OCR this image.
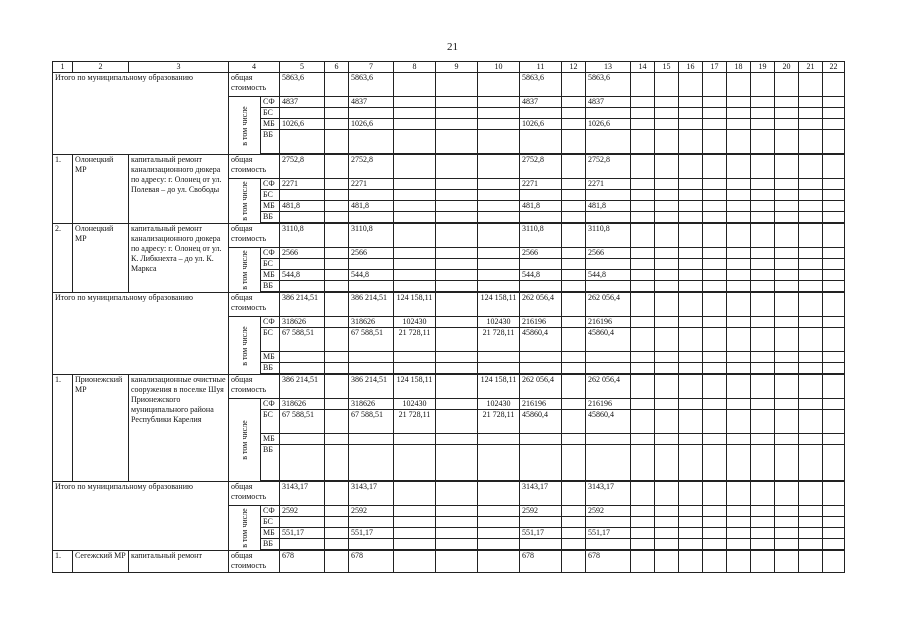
21
1	2	3	4		5	6	7	8	9	10	11	12	13	14	15	16	17	18	19	20	21	22
Итого по муниципальному образованию			общая стоимость		5863,6		5863,6				5863,6		5863,6									

			в том числе	СФ	4837		4837				4837		4837									
				БС																		
				МБ	1026,6		1026,6				1026,6		1026,6									
				ВБ																		

1.	Олонецкий МР	капитальный ремонт канализационного дюкера по адресу: г. Олонец от ул. Полевая – до ул. Свободы	общая стоимость		2752,8		2752,8				2752,8		2752,8									

			в том числе	СФ	2271		2271				2271		2271									
				БС																		
				МБ	481,8		481,8				481,8		481,8									
				ВБ																		

2.	Олонецкий МР	капитальный ремонт канализационного дюкера по адресу: г. Олонец от ул. К. Либкнехта – до ул. К. Маркса	общая стоимость		3110,8		3110,8				3110,8		3110,8									

			в том числе	СФ	2566		2566				2566		2566									
				БС																		
				МБ	544,8		544,8				544,8		544,8									
				ВБ																		

Итого по муниципальному образованию			общая стоимость		386 214,51		386 214,51	124 158,11		124 158,11	262 056,4		262 056,4									

			в том числе	СФ	318626		318626	102430		102430	216196		216196									
				БС	67 588,51		67 588,51	21 728,11		21 728,11	45860,4		45860,4									
				МБ																		
				ВБ																		

1.	Прионежский МР	канализационные очистные сооружения в поселке Шуя Прионежского муниципального района Республики Карелия	общая стоимость		386 214,51		386 214,51	124 158,11		124 158,11	262 056,4		262 056,4									

			в том числе	СФ	318626		318626	102430		102430	216196		216196									
				БС	67 588,51		67 588,51	21 728,11		21 728,11	45860,4		45860,4									
				МБ																		
				ВБ																		

Итого по муниципальному образованию			общая стоимость		3143,17		3143,17				3143,17		3143,17									

			в том числе	СФ	2592		2592				2592		2592									
				БС																		
				МБ	551,17		551,17				551,17		551,17									
				ВБ																		

1.	Сегежский МР	капитальный ремонт	общая стоимость		678		678				678		678									
